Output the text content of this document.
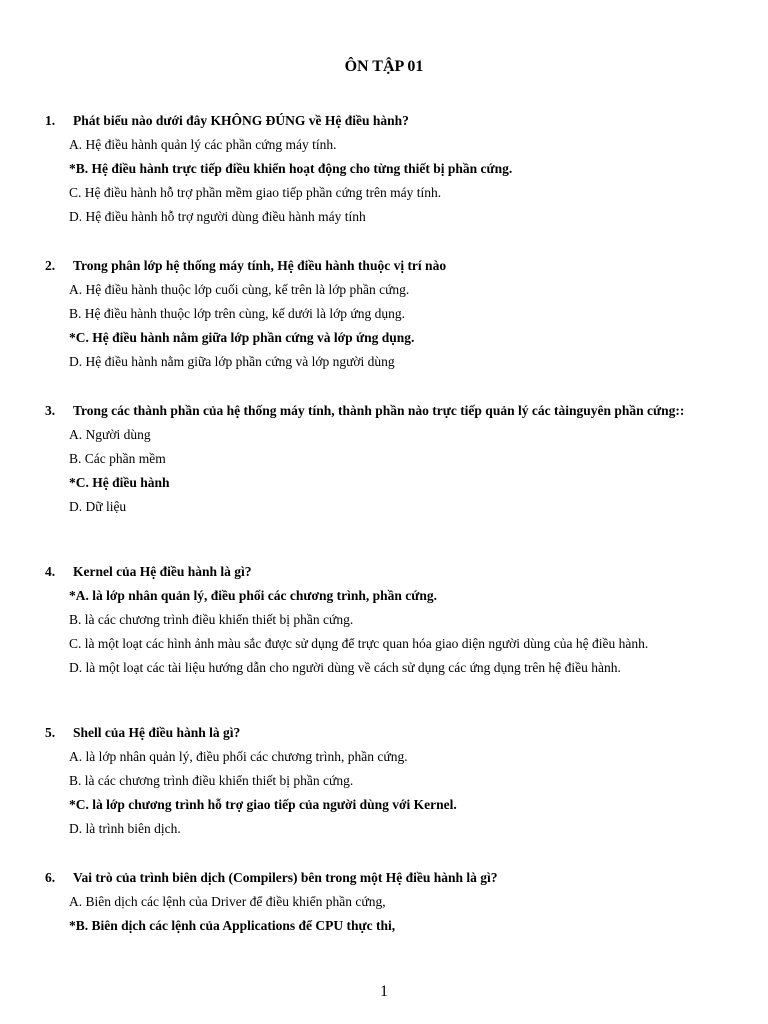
ÔN TẬP 01
1.	Phát biểu nào dưới đây KHÔNG ĐÚNG về Hệ điều hành?
A. Hệ điều hành quản lý các phần cứng máy tính.
*B. Hệ điều hành trực tiếp điều khiển hoạt động cho từng thiết bị phần cứng.
C. Hệ điều hành hỗ trợ phần mềm giao tiếp phần cứng trên máy tính.
D. Hệ điều hành hỗ trợ người dùng điều hành máy tính
2.	Trong phân lớp hệ thống máy tính, Hệ điều hành thuộc vị trí nào
A. Hệ điều hành thuộc lớp cuối cùng, kế trên là lớp phần cứng.
B. Hệ điều hành thuộc lớp trên cùng, kế dưới là lớp ứng dụng.
*C. Hệ điều hành nằm giữa lớp phần cứng và lớp ứng dụng.
D. Hệ điều hành nằm giữa lớp phần cứng và lớp người dùng
3.	Trong các thành phần của hệ thống máy tính, thành phần nào trực tiếp quản lý các tàinguyên phần cứng::
A. Người dùng
B. Các phần mềm
*C. Hệ điều hành
D. Dữ liệu
4.	Kernel của Hệ điều hành là gì?
*A. là lớp nhân quản lý, điều phối các chương trình, phần cứng.
B. là các chương trình điều khiển thiết bị phần cứng.
C. là một loạt các hình ảnh màu sắc được sử dụng để trực quan hóa giao diện người dùng của hệ điều hành.
D. là một loạt các tài liệu hướng dẫn cho người dùng về cách sử dụng các ứng dụng trên hệ điều hành.
5.	Shell của Hệ điều hành là gì?
A. là lớp nhân quản lý, điều phối các chương trình, phần cứng.
B. là các chương trình điều khiển thiết bị phần cứng.
*C. là lớp chương trình hỗ trợ giao tiếp của người dùng với Kernel.
D. là trình biên dịch.
6.	Vai trò của trình biên dịch (Compilers) bên trong một Hệ điều hành là gì?
A. Biên dịch các lệnh của Driver để điều khiển phần cứng,
*B. Biên dịch các lệnh của Applications để CPU thực thi,
1
